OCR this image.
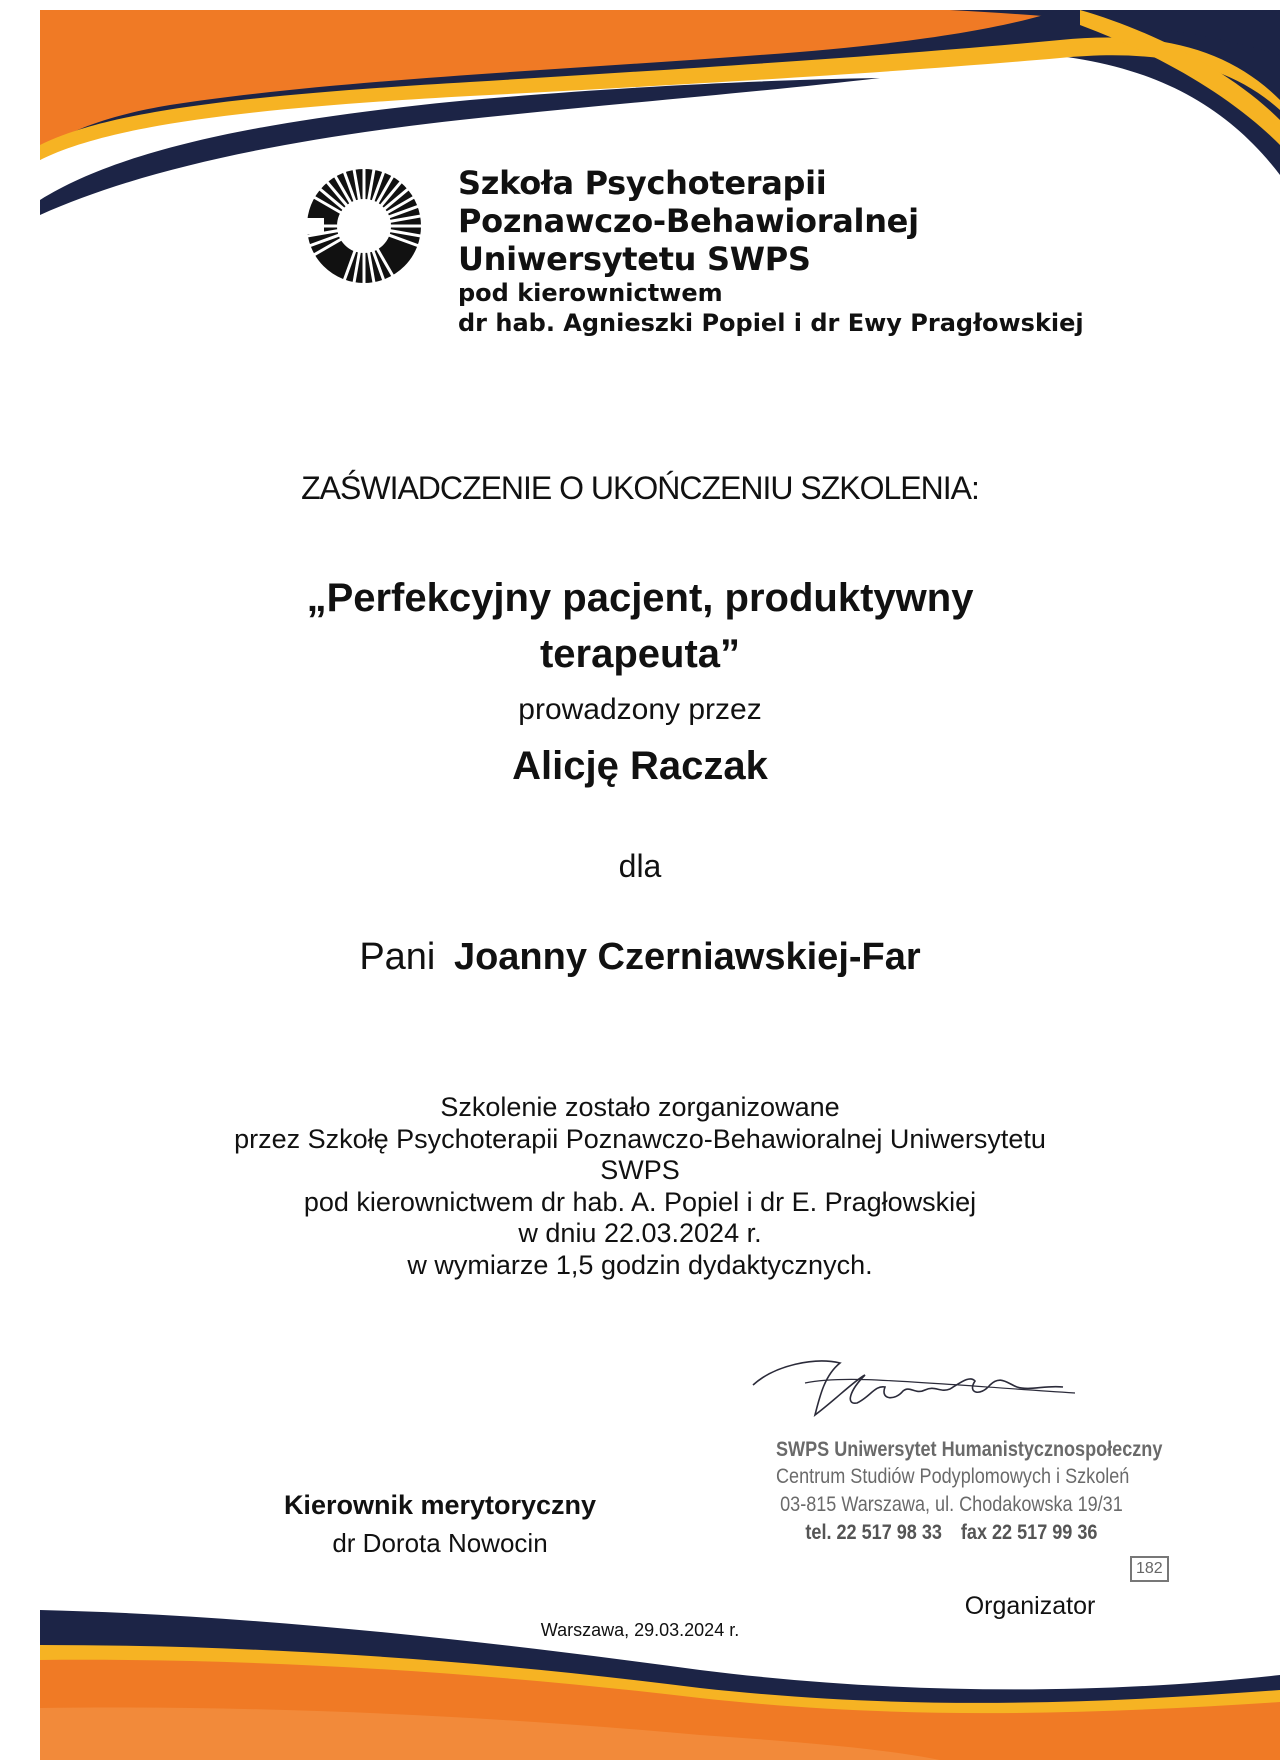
Szkoła Psychoterapii
Poznawczo-Behawioralnej
Uniwersytetu SWPS
pod kierownictwem
dr hab. Agnieszki Popiel i dr Ewy Pragłowskiej
ZAŚWIADCZENIE O UKOŃCZENIU SZKOLENIA:
„Perfekcyjny pacjent, produktywny
terapeuta”
prowadzony przez
Alicję Raczak
dla
Pani Joanny Czerniawskiej-Far
Szkolenie zostało zorganizowane
przez Szkołę Psychoterapii Poznawczo-Behawioralnej Uniwersytetu
SWPS
pod kierownictwem dr hab. A. Popiel i dr E. Pragłowskiej
w dniu 22.03.2024 r.
w wymiarze 1,5 godzin dydaktycznych.
Bobiczańska
SWPS Uniwersytet Humanistycznospołeczny
Centrum Studiów Podyplomowych i Szkoleń
03-815 Warszawa, ul. Chodakowska 19/31
tel. 22 517 98 33 fax 22 517 99 36
182
Kierownik merytoryczny
dr Dorota Nowocin
Organizator
Warszawa, 29.03.2024 r.
